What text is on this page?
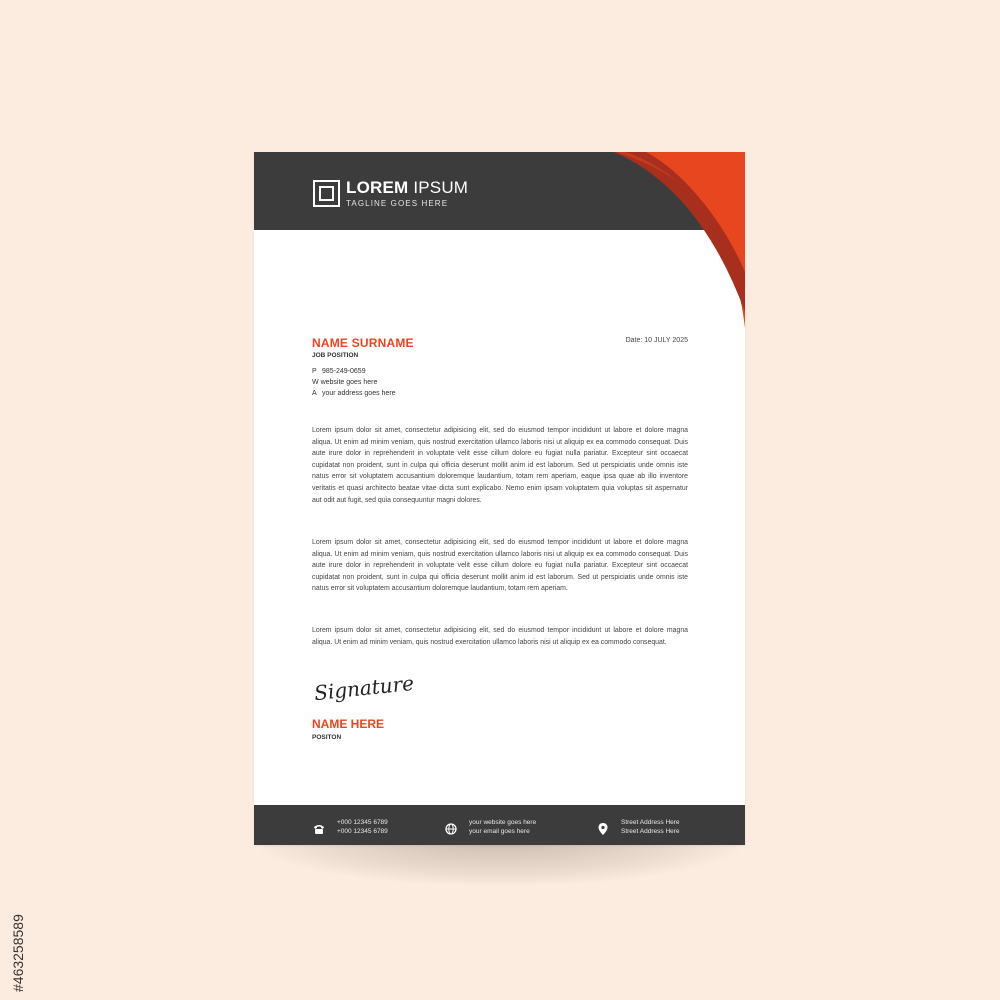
LOREM IPSUM
TAGLINE GOES HERE
NAME SURNAME
JOB POSITION
P 985-249-0659
W website goes here
A your address goes here
Date: 10 JULY 2025
Lorem ipsum dolor sit amet, consectetur adipisicing elit, sed do eiusmod tempor incididunt ut labore et dolore magna aliqua. Ut enim ad minim veniam, quis nostrud exercitation ullamco laboris nisi ut aliquip ex ea commodo consequat. Duis aute irure dolor in reprehenderit in voluptate velit esse cillum dolore eu fugiat nulla pariatur. Excepteur sint occaecat cupidatat non proident, sunt in culpa qui officia deserunt mollit anim id est laborum. Sed ut perspiciatis unde omnis iste natus error sit voluptatem accusantium doloremque laudantium, totam rem aperiam, eaque ipsa quae ab illo inventore veritatis et quasi architecto beatae vitae dicta sunt explicabo. Nemo enim ipsam voluptatem quia voluptas sit aspernatur aut odit aut fugit, sed quia consequuntur magni dolores.
Lorem ipsum dolor sit amet, consectetur adipisicing elit, sed do eiusmod tempor incididunt ut labore et dolore magna aliqua. Ut enim ad minim veniam, quis nostrud exercitation ullamco laboris nisi ut aliquip ex ea commodo consequat. Duis aute irure dolor in reprehenderit in voluptate velit esse cillum dolore eu fugiat nulla pariatur. Excepteur sint occaecat cupidatat non proident, sunt in culpa qui officia deserunt mollit anim id est laborum. Sed ut perspiciatis unde omnis iste natus error sit voluptatem accusantium doloremque laudantium, totam rem aperiam.
Lorem ipsum dolor sit amet, consectetur adipisicing elit, sed do eiusmod tempor incididunt ut labore et dolore magna aliqua. Ut enim ad minim veniam, quis nostrud exercitation ullamco laboris nisi ut aliquip ex ea commodo consequat.
Signature
NAME HERE
POSITON
+000 12345 6789
+000 12345 6789
your website goes here
your email goes here
Street Address Here
Street Address Here
#463258589
